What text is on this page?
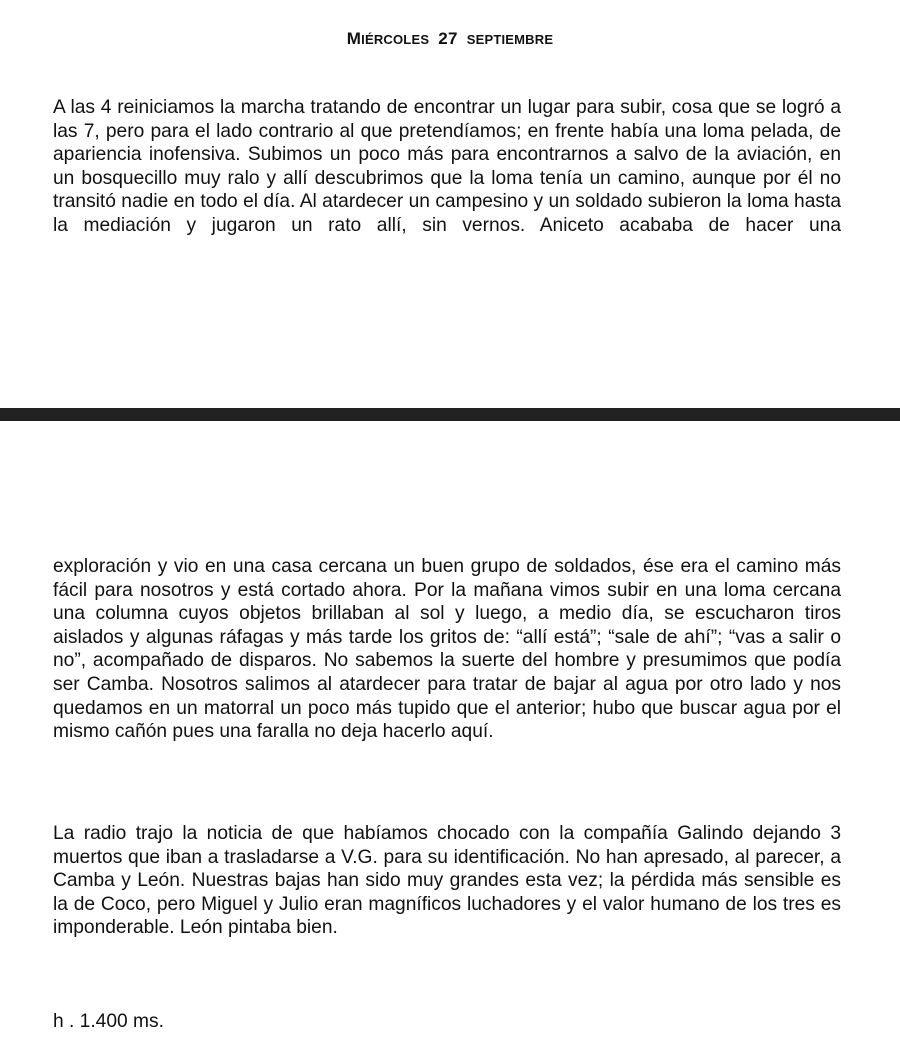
MIÉRCOLES 27 SEPTIEMBRE

A las 4 reiniciamos la marcha tratando de encontrar un lugar para subir, cosa que se logró a las 7, pero para el lado contrario al que pretendíamos; en frente había una loma pelada, de apariencia inofensiva. Subimos un poco más para encontrarnos a salvo de la aviación, en un bosquecillo muy ralo y allí descubrimos que la loma tenía un camino, aunque por él no transitó nadie en todo el día. Al atardecer un campesino y un soldado subieron la loma hasta la mediación y jugaron un rato allí, sin vernos. Aniceto acababa de hacer una

exploración y vio en una casa cercana un buen grupo de soldados, ése era el camino más fácil para nosotros y está cortado ahora. Por la mañana vimos subir en una loma cercana una columna cuyos objetos brillaban al sol y luego, a medio día, se escucharon tiros aislados y algunas ráfagas y más tarde los gritos de: “allí está”; “sale de ahí”; “vas a salir o no”, acompañado de disparos. No sabemos la suerte del hombre y presumimos que podía ser Camba. Nosotros salimos al atardecer para tratar de bajar al agua por otro lado y nos quedamos en un matorral un poco más tupido que el anterior; hubo que buscar agua por el mismo cañón pues una faralla no deja hacerlo aquí.

La radio trajo la noticia de que habíamos chocado con la compañía Galindo dejando 3 muertos que iban a trasladarse a V.G. para su identificación. No han apresado, al parecer, a Camba y León. Nuestras bajas han sido muy grandes esta vez; la pérdida más sensible es la de Coco, pero Miguel y Julio eran magníficos luchadores y el valor humano de los tres es imponderable. León pintaba bien.

h . 1.400 ms.
